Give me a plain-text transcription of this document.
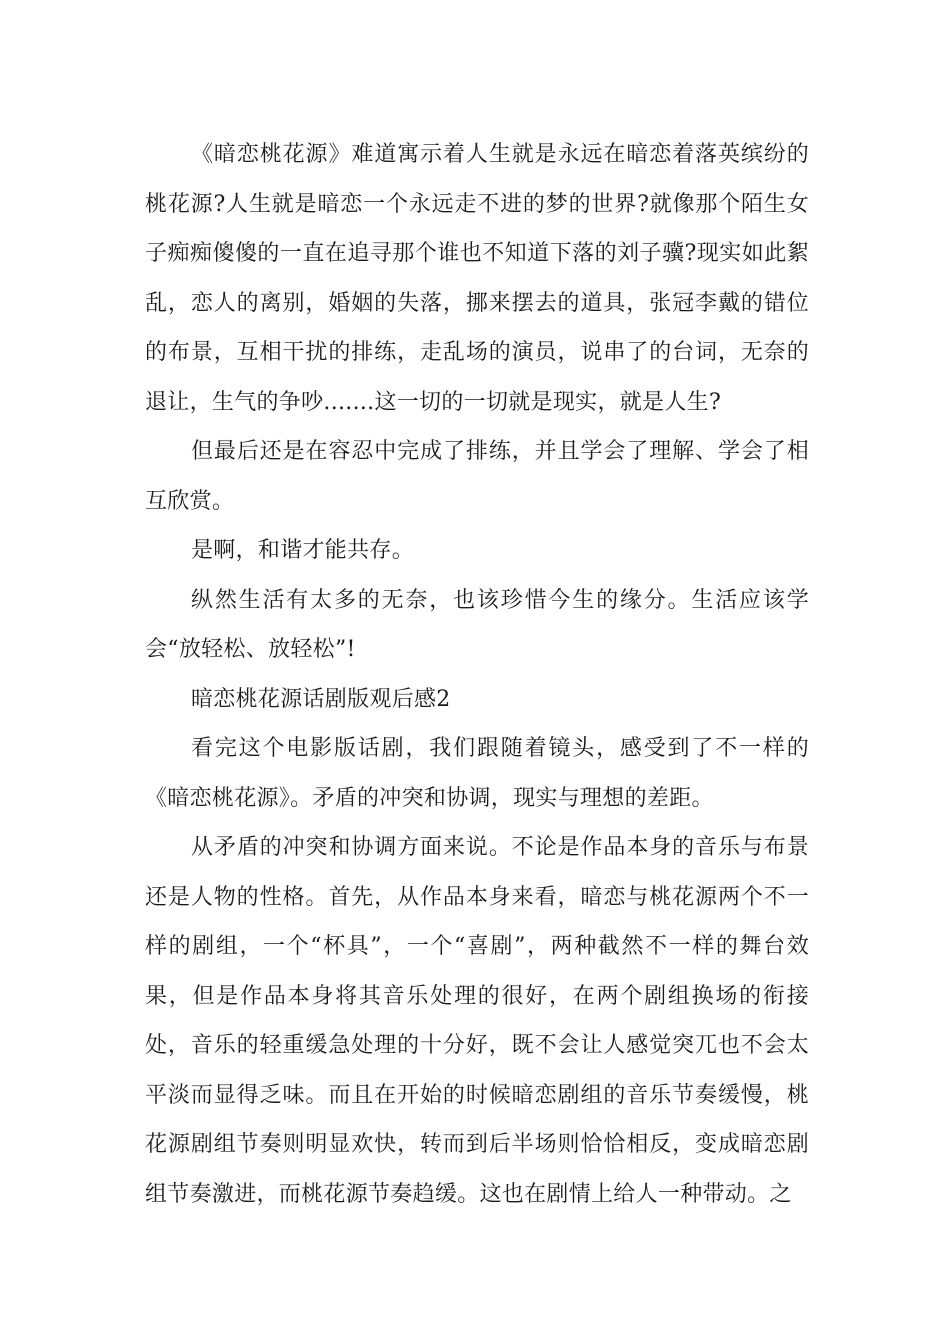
《暗恋桃花源》难道寓示着人生就是永远在暗恋着落英缤纷的桃花源?人生就是暗恋一个永远走不进的梦的世界?就像那个陌生女子痴痴傻傻的一直在追寻那个谁也不知道下落的刘子骥?现实如此絮乱，恋人的离别，婚姻的失落，挪来摆去的道具，张冠李戴的错位的布景，互相干扰的排练，走乱场的演员，说串了的台词，无奈的退让，生气的争吵.......这一切的一切就是现实，就是人生?

但最后还是在容忍中完成了排练，并且学会了理解、学会了相互欣赏。

是啊，和谐才能共存。

纵然生活有太多的无奈，也该珍惜今生的缘分。生活应该学会“放轻松、放轻松”!

暗恋桃花源话剧版观后感2

看完这个电影版话剧，我们跟随着镜头，感受到了不一样的《暗恋桃花源》。矛盾的冲突和协调，现实与理想的差距。

从矛盾的冲突和协调方面来说。不论是作品本身的音乐与布景还是人物的性格。首先，从作品本身来看，暗恋与桃花源两个不一样的剧组，一个“杯具”，一个“喜剧”，两种截然不一样的舞台效果，但是作品本身将其音乐处理的很好，在两个剧组换场的衔接处，音乐的轻重缓急处理的十分好，既不会让人感觉突兀也不会太平淡而显得乏味。而且在开始的时候暗恋剧组的音乐节奏缓慢，桃花源剧组节奏则明显欢快，转而到后半场则恰恰相反，变成暗恋剧组节奏激进，而桃花源节奏趋缓。这也在剧情上给人一种带动。之
